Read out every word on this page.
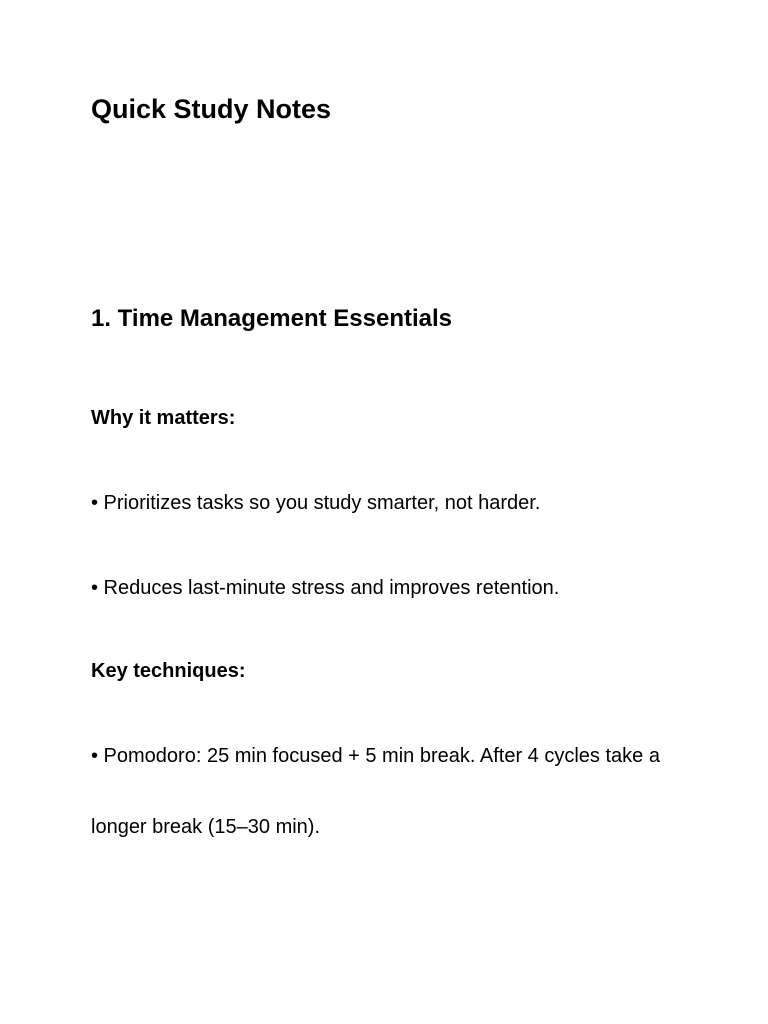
Quick Study Notes
1. Time Management Essentials

Why it matters:

• Prioritizes tasks so you study smarter, not harder.

• Reduces last-minute stress and improves retention.

Key techniques:

• Pomodoro: 25 min focused + 5 min break. After 4 cycles take a

longer break (15–30 min).
